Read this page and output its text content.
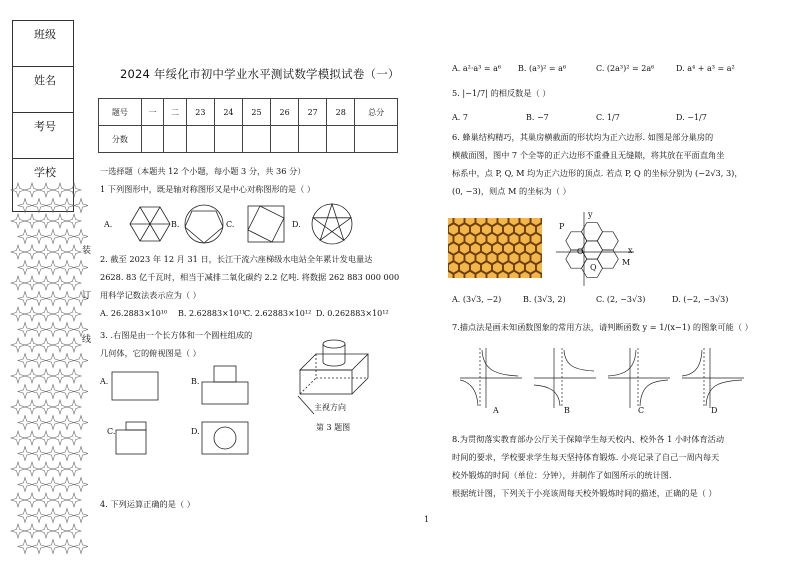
班级
姓名
考号
学校
装
订
线
2024 年绥化市初中学业水平测试数学模拟试卷（一）
题号	一	二	23	24	25	26	27	28	总分
分数									
一选择题（本题共 12 个小题，每小题 3 分，共 36 分）
1 下列图形中，既是轴对称图形又是中心对称图形的是（ ）
A.	B.	C.	D.
2. 截至 2023 年 12 月 31 日，长江干流六座梯级水电站全年累计发电量达
2628. 83 亿千瓦时，相当于减排二氧化碳约 2.2 亿吨. 将数据 262 883 000 000
用科学记数法表示应为（ ）
A. 26.2883×10¹⁰ B. 2.62883×10¹¹
C. 2.62883×10¹² D. 0.262883×10¹²
3. .右图是由一个长方体和一个圆柱组成的
几何体，它的俯视图是（ ）
A.	B.
C.	D.
主视方向
第 3 题图
4. 下列运算正确的是（ ）
1
A. a²·a³ = a⁶ B. (a³)² = a⁶	C. (2a³)² = 2a⁶	D. a⁴ + a³ = a²
5. |−1/7| 的相反数是（ ）
A. 7	B. −7	C. 1/7	D. −1/7
6. 蜂巢结构精巧，其巢房横截面的形状均为正六边形. 如图是部分巢房的
横截面图，图中 7 个全等的正六边形不重叠且无缝隙，将其放在平面直角坐
标系中，点 P, Q, M 均为正六边形的顶点. 若点 P, Q 的坐标分别为 (−2√3, 3)，
(0, −3)，则点 M 的坐标为（ ）
P
O
Q
M
x
y
A. (3√3, −2)	B. (3√3, 2)	C. (2, −3√3)	D. (−2, −3√3)
7.描点法是画未知函数图象的常用方法，请判断函数 y = 1/(x−1) 的图象可能（ ）
A	B	C	D
8.为贯彻落实教育部办公厅关于保障学生每天校内、校外各 1 小时体育活动
时间的要求，学校要求学生每天坚持体育锻炼. 小亮记录了自己一周内每天
校外锻炼的时间（单位：分钟），并制作了如图所示的统计图.
根据统计图，下列关于小亮该周每天校外锻炼时间的描述，正确的是（ ）
